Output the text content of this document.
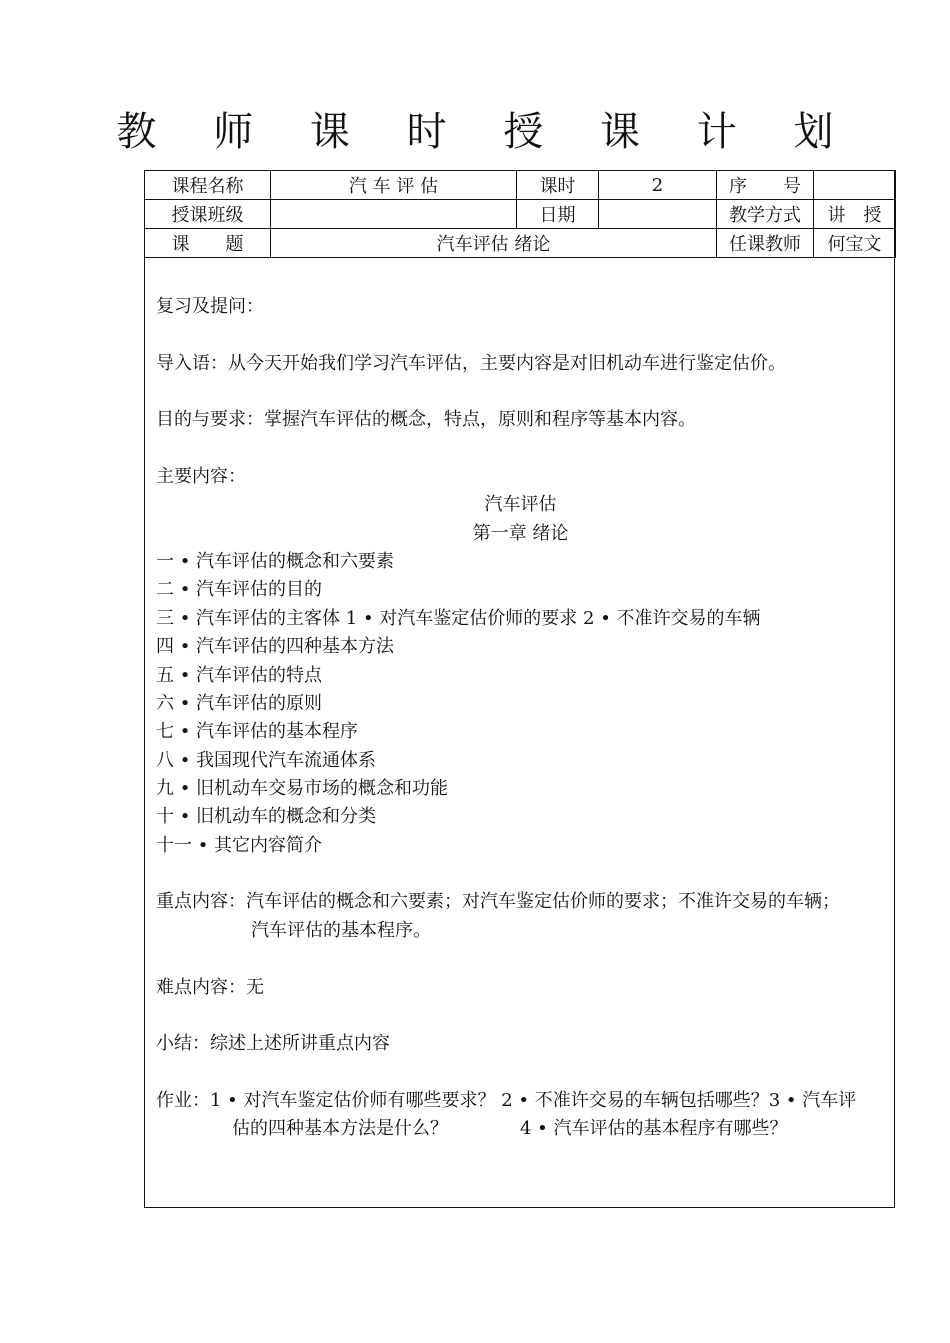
教 师 课 时 授 课 计 划
课程名称	汽 车 评 估	课时	2	序　　号	
授课班级		日期		教学方式	讲　授
课　　题	汽车评估 绪论			任课教师	何宝文
复习及提问：
导入语：从今天开始我们学习汽车评估，主要内容是对旧机动车进行鉴定估价。
目的与要求：掌握汽车评估的概念，特点，原则和程序等基本内容。
主要内容：
汽车评估
第一章 绪论
一 • 汽车评估的概念和六要素
二 • 汽车评估的目的
三 • 汽车评估的主客体 1 • 对汽车鉴定估价师的要求 2 • 不准许交易的车辆
四 • 汽车评估的四种基本方法
五 • 汽车评估的特点
六 • 汽车评估的原则
七 • 汽车评估的基本程序
八 • 我国现代汽车流通体系
九 • 旧机动车交易市场的概念和功能
十 • 旧机动车的概念和分类
十一 • 其它内容简介
重点内容：汽车评估的概念和六要素；对汽车鉴定估价师的要求；不准许交易的车辆；
汽车评估的基本程序。
难点内容：无
小结：综述上述所讲重点内容
作业：1 • 对汽车鉴定估价师有哪些要求？ 2 • 不准许交易的车辆包括哪些？3 • 汽车评
估的四种基本方法是什么？	4 • 汽车评估的基本程序有哪些？
